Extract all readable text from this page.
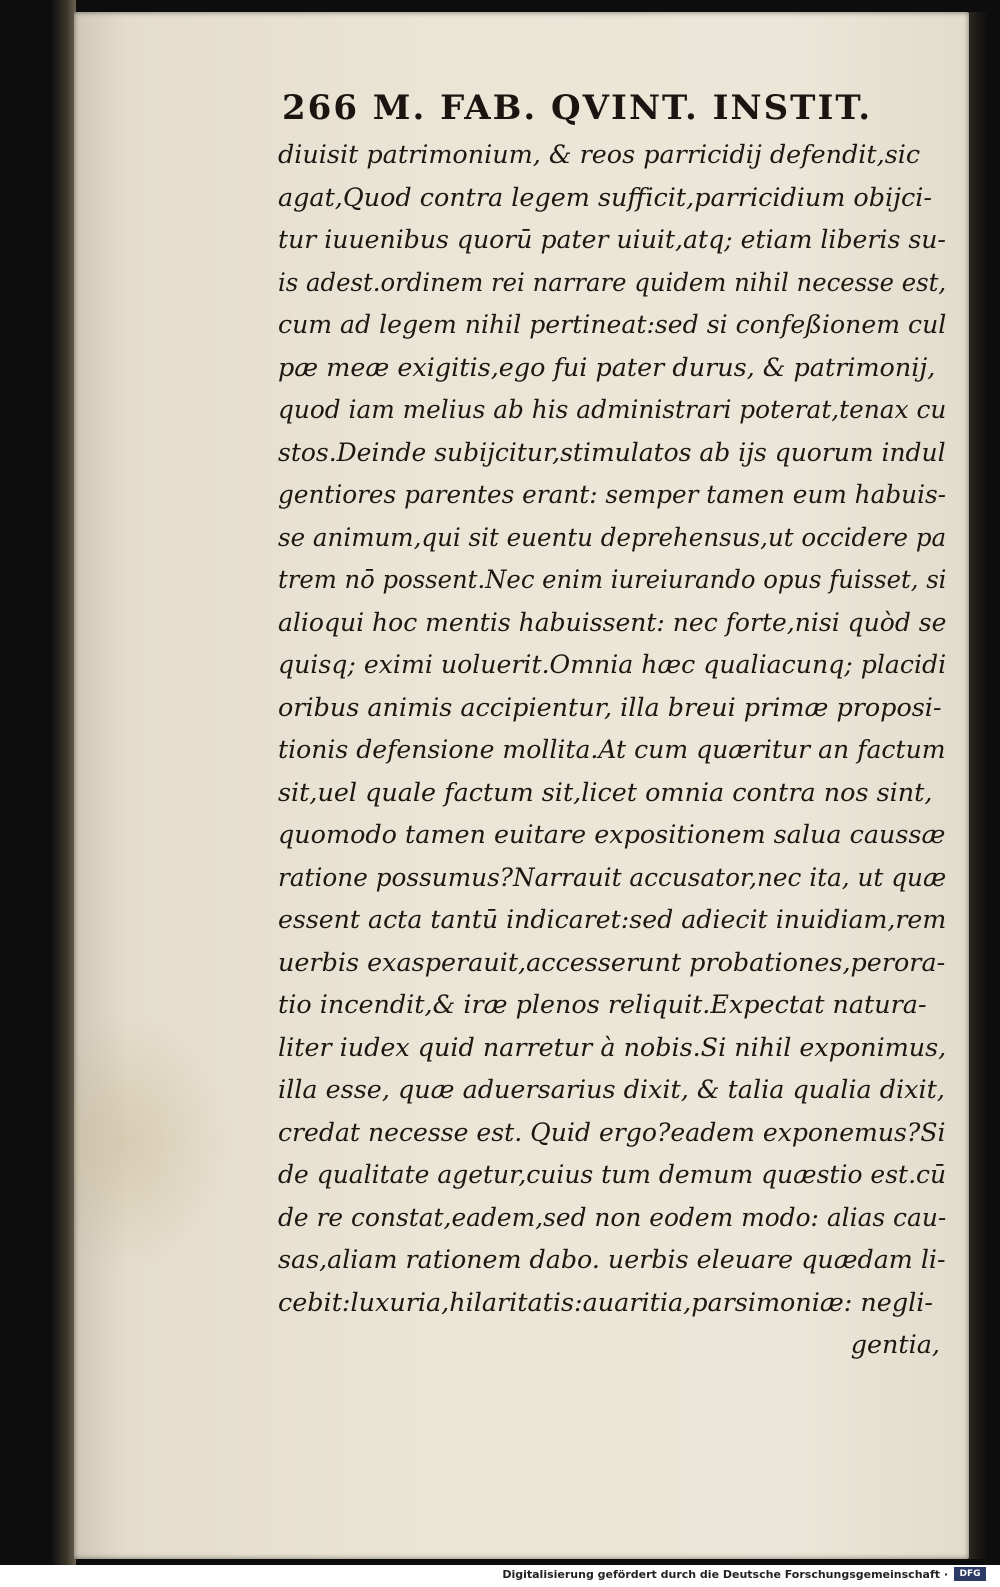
266 M. FAB. QVINT. INSTIT.
diuisit patrimonium, & reos parricidij defendit,sic
agat,Quod contra legem sufficit,parricidium obijci-
tur iuuenibus quorū pater uiuit,atq; etiam liberis su-
is adest.ordinem rei narrare quidem nihil necesse est,
cum ad legem nihil pertineat:sed si confeßionem cul
pæ meæ exigitis,ego fui pater durus, & patrimonij,
quod iam melius ab his administrari poterat,tenax cu
stos.Deinde subijcitur,stimulatos ab ijs quorum indul
gentiores parentes erant: semper tamen eum habuis-
se animum,qui sit euentu deprehensus,ut occidere pa
trem nō possent.Nec enim iureiurando opus fuisset, si
alioqui hoc mentis habuissent: nec forte,nisi quòd se
quisq; eximi uoluerit.Omnia hæc qualiacunq; placidi
oribus animis accipientur, illa breui primæ proposi-
tionis defensione mollita.At cum quæritur an factum
sit,uel quale factum sit,licet omnia contra nos sint,
quomodo tamen euitare expositionem salua caussæ
ratione possumus?Narrauit accusator,nec ita, ut quæ
essent acta tantū indicaret:sed adiecit inuidiam,rem
uerbis exasperauit,accesserunt probationes,perora-
tio incendit,& iræ plenos reliquit.Expectat natura-
liter iudex quid narretur à nobis.Si nihil exponimus,
illa esse, quæ aduersarius dixit, & talia qualia dixit,
credat necesse est. Quid ergo?eadem exponemus?Si
de qualitate agetur,cuius tum demum quæstio est.cū
de re constat,eadem,sed non eodem modo: alias cau-
sas,aliam rationem dabo. uerbis eleuare quædam li-
cebit:luxuria,hilaritatis:auaritia,parsimoniæ: negli-
gentia,
Digitalisierung gefördert durch die Deutsche Forschungsgemeinschaft ·	DFG
